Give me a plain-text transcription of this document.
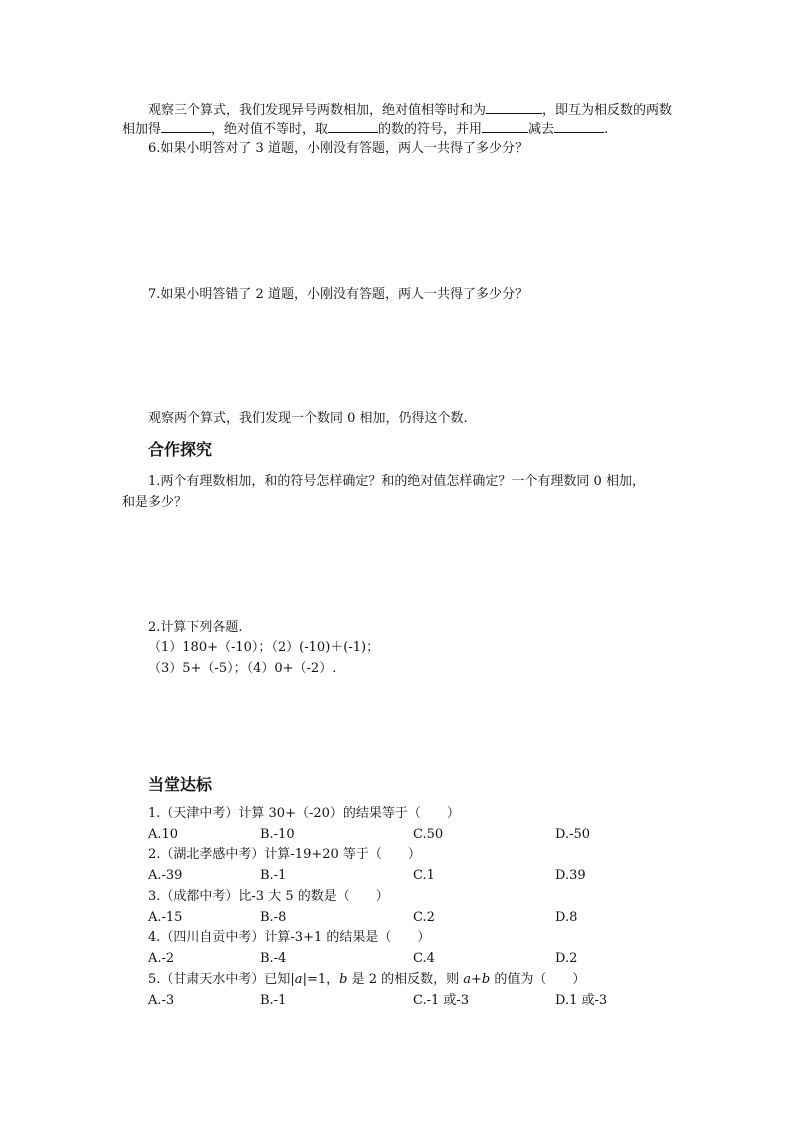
观察三个算式，我们发现异号两数相加，绝对值相等时和为	，即互为相反数的两数
相加得	，绝对值不等时，取	的数的符号，并用	减去	.
6.如果小明答对了 3 道题，小刚没有答题，两人一共得了多少分？
7.如果小明答错了 2 道题，小刚没有答题，两人一共得了多少分？
观察两个算式，我们发现一个数同 0 相加，仍得这个数.
合作探究
1.两个有理数相加，和的符号怎样确定？和的绝对值怎样确定？一个有理数同 0 相加，
和是多少？
2.计算下列各题.
（1）180+（-10）；（2）(-10)＋(-1)；
（3）5+（-5）；（4）0+（-2）.
当堂达标
1.（天津中考）计算 30+（-20）的结果等于（　　）
A.10	B.-10	C.50	D.-50
2.（湖北孝感中考）计算-19+20 等于（　　）
A.-39	B.-1	C.1	D.39
3.（成都中考）比-3 大 5 的数是（　　）
A.-15	B.-8	C.2	D.8
4.（四川自贡中考）计算-3+1 的结果是（　　）
A.-2	B.-4	C.4	D.2
5.（甘肃天水中考）已知|a|=1，b 是 2 的相反数，则 a+b 的值为（　　）
A.-3	B.-1	C.-1 或-3	D.1 或-3
